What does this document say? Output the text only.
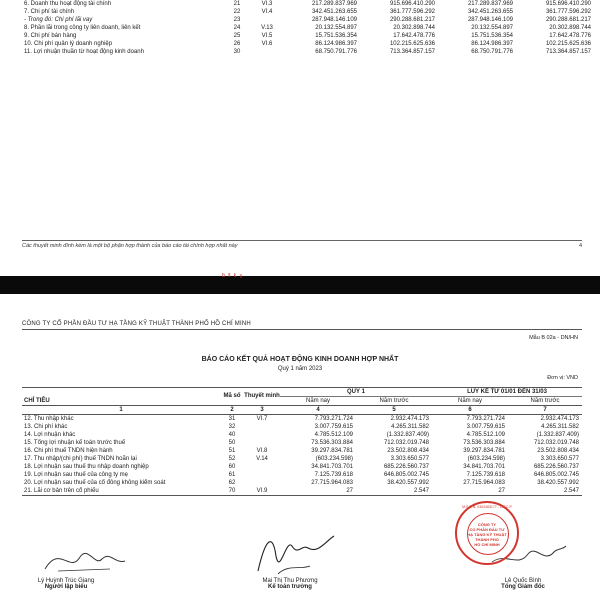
6. Doanh thu hoạt động tài chính	21	VI.3	217.289.837.969	915.696.410.290	217.289.837.969	915.696.410.290
7. Chi phí tài chính	22	VI.4	342.451.263.655	361.777.596.292	342.451.263.655	361.777.596.292
- Trong đó: Chi phí lãi vay	23		287.948.146.109	290.288.681.217	287.948.146.109	290.288.681.217
8. Phần lãi trong công ty liên doanh, liên kết	24	V.13	20.132.554.897	20.302.898.744	20.132.554.897	20.302.898.744
9. Chi phí bán hàng	25	VI.5	15.751.536.354	17.642.478.776	15.751.536.354	17.642.478.776
10. Chi phí quản lý doanh nghiệp	26	VI.6	86.124.986.397	102.215.625.636	86.124.986.397	102.215.625.636
11. Lợi nhuận thuần từ hoạt động kinh doanh	30		68.750.791.776	713.364.857.157	68.750.791.776	713.364.857.157
Các thuyết minh đính kèm là một bộ phận hợp thành của báo cáo tài chính hợp nhất này	4
ƀ Ⅱ ƙ ɣ
CÔNG TY CỔ PHẦN ĐẦU TƯ HẠ TẦNG KỸ THUẬT THÀNH PHỐ HỒ CHÍ MINH
Mẫu B 02a - DN/HN
BÁO CÁO KẾT QUẢ HOẠT ĐỘNG KINH DOANH HỢP NHẤT
Quý 1 năm 2023
Đơn vị: VND
CHỈ TIÊU	Mã số	Thuyết minh	QUÝ 1		LŨY KẾ TỪ 01/01 ĐẾN 31/03	
			Năm nay	Năm trước	Năm nay	Năm trước
1	2	3	4	5	6	7
12. Thu nhập khác	31	VI.7	7.793.271.724	2.932.474.173	7.793.271.724	2.932.474.173
13. Chi phí khác	32		3.007.759.615	4.265.311.582	3.007.759.615	4.265.311.582
14. Lợi nhuận khác	40		4.785.512.109	(1.332.837.409)	4.785.512.109	(1.332.837.409)
15. Tổng lợi nhuận kế toán trước thuế	50		73.536.303.884	712.032.019.748	73.536.303.884	712.032.019.748
16. Chi phí thuế TNDN hiện hành	51	VI.8	39.297.834.781	23.502.808.434	39.297.834.781	23.502.808.434
17. Thu nhập/(chi phí) thuế TNDN hoãn lại	52	V.14	(603.234.598)	3.303.650.577	(603.234.598)	3.303.650.577
18. Lợi nhuận sau thuế thu nhập doanh nghiệp	60		34.841.703.701	685.226.560.737	34.841.703.701	685.226.560.737
19. Lợi nhuận sau thuế của công ty mẹ	61		7.125.739.618	646.805.002.745	7.125.739.618	646.805.002.745
20. Lợi nhuận sau thuế của cổ đông không kiểm soát	62		27.715.964.083	38.420.557.992	27.715.964.083	38.420.557.992
21. Lãi cơ bản trên cổ phiếu	70	VI.9	27	2.547	27	2.547
M.S.D.N: 0302483177 - C.T.C.P
CÔNG TY
CỔ PHẦN ĐẦU TƯ
HẠ TẦNG KỸ THUẬT
THÀNH PHỐ
HỒ CHÍ MINH
Lý Huỳnh Trúc Giang
Người lập biểu
Mai Thị Thu Phương
Kế toán trưởng
Lê Quốc Bình
Tổng Giám đốc
